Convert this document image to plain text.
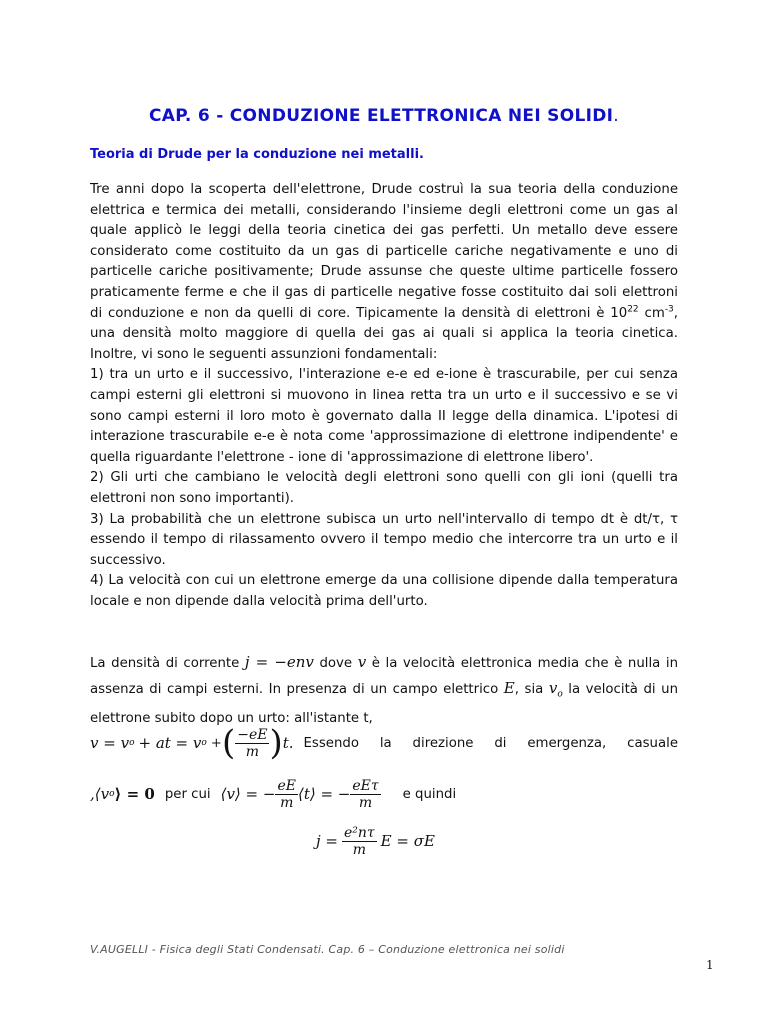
CAP. 6 - CONDUZIONE ELETTRONICA NEI SOLIDI.
Teoria di Drude per la conduzione nei metalli.

Tre anni dopo la scoperta dell'elettrone, Drude costruì la sua teoria della conduzione elettrica e termica dei metalli, considerando l'insieme degli elettroni come un gas al quale applicò le leggi della teoria cinetica dei gas perfetti. Un metallo deve essere considerato come costituito da un gas di particelle cariche negativamente e uno di particelle cariche positivamente; Drude assunse che queste ultime particelle fossero praticamente ferme e che il gas di particelle negative fosse costituito dai soli elettroni di conduzione e non da quelli di core. Tipicamente la densità di elettroni è $10^{22}$ $cm^{-3}$, una densità molto maggiore di quella dei gas ai quali si applica la teoria cinetica. Inoltre, vi sono le seguenti assunzioni fondamentali:

1) tra un urto e il successivo, l'interazione e-e ed e-ione è trascurabile, per cui senza campi esterni gli elettroni si muovono in linea retta tra un urto e il successivo e se vi sono campi esterni il loro moto è governato dalla II legge della dinamica. L'ipotesi di interazione trascurabile e-e è nota come 'approssimazione di elettrone indipendente' e quella riguardante l'elettrone - ione di 'approssimazione di elettrone libero'.

2) Gli urti che cambiano le velocità degli elettroni sono quelli con gli ioni (quelli tra elettroni non sono importanti).

3) La probabilità che un elettrone subisca un urto nell'intervallo di tempo dt è dt/τ, τ essendo il tempo di rilassamento ovvero il tempo medio che intercorre tra un urto e il successivo.

4) La velocità con cui un elettrone emerge da una collisione dipende dalla temperatura locale e non dipende dalla velocità prima dell'urto.

La densità di corrente j = −env dove v è la velocità elettronica media che è nulla in assenza di campi esterni. In presenza di un campo elettrico E, sia $v_o$ la velocità di un elettrone subito dopo un urto: all'istante t,
v = v o + at = v o + ( $\frac{-eE}{m}$ ) t. Essendo la direzione di emergenza, casuale
,⟨v o ⟩ = 0 per cui ⟨v⟩ = − $\frac{eE}{m}$ ⟨t⟩ = − $\frac{\text{eEτ}}{m}$ e quindi
$j = \frac{\text{e²nτ}}{m}$ E = σE
V.AUGELLI - Fisica degli Stati Condensati. Cap. 6 – Conduzione elettronica nei solidi
1
